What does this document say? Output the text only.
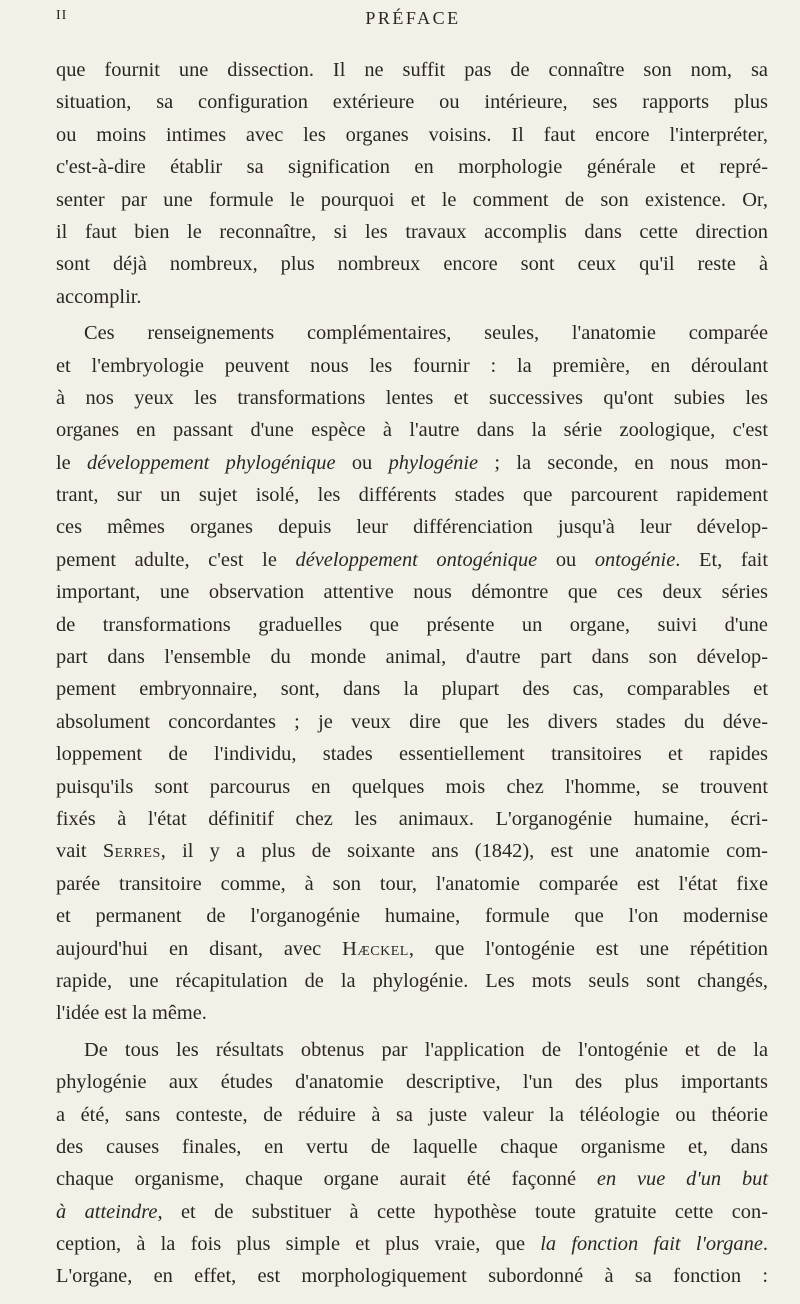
II	PRÉFACE
que fournit une dissection. Il ne suffit pas de connaître son nom, sa
situation, sa configuration extérieure ou intérieure, ses rapports plus
ou moins intimes avec les organes voisins. Il faut encore l'interpréter,
c'est-à-dire établir sa signification en morphologie générale et repré-
senter par une formule le pourquoi et le comment de son existence. Or,
il faut bien le reconnaître, si les travaux accomplis dans cette direction
sont déjà nombreux, plus nombreux encore sont ceux qu'il reste à
accomplir.
Ces renseignements complémentaires, seules, l'anatomie comparée
et l'embryologie peuvent nous les fournir : la première, en déroulant
à nos yeux les transformations lentes et successives qu'ont subies les
organes en passant d'une espèce à l'autre dans la série zoologique, c'est
le développement phylogénique ou phylogénie ; la seconde, en nous mon-
trant, sur un sujet isolé, les différents stades que parcourent rapidement
ces mêmes organes depuis leur différenciation jusqu'à leur dévelop-
pement adulte, c'est le développement ontogénique ou ontogénie. Et, fait
important, une observation attentive nous démontre que ces deux séries
de transformations graduelles que présente un organe, suivi d'une
part dans l'ensemble du monde animal, d'autre part dans son dévelop-
pement embryonnaire, sont, dans la plupart des cas, comparables et
absolument concordantes ; je veux dire que les divers stades du déve-
loppement de l'individu, stades essentiellement transitoires et rapides
puisqu'ils sont parcourus en quelques mois chez l'homme, se trouvent
fixés à l'état définitif chez les animaux. L'organogénie humaine, écri-
vait Serres, il y a plus de soixante ans (1842), est une anatomie com-
parée transitoire comme, à son tour, l'anatomie comparée est l'état fixe
et permanent de l'organogénie humaine, formule que l'on modernise
aujourd'hui en disant, avec Hæckel, que l'ontogénie est une répétition
rapide, une récapitulation de la phylogénie. Les mots seuls sont changés,
l'idée est la même.
De tous les résultats obtenus par l'application de l'ontogénie et de la
phylogénie aux études d'anatomie descriptive, l'un des plus importants
a été, sans conteste, de réduire à sa juste valeur la téléologie ou théorie
des causes finales, en vertu de laquelle chaque organisme et, dans
chaque organisme, chaque organe aurait été façonné en vue d'un but
à atteindre, et de substituer à cette hypothèse toute gratuite cette con-
ception, à la fois plus simple et plus vraie, que la fonction fait l'organe.
L'organe, en effet, est morphologiquement subordonné à sa fonction :
